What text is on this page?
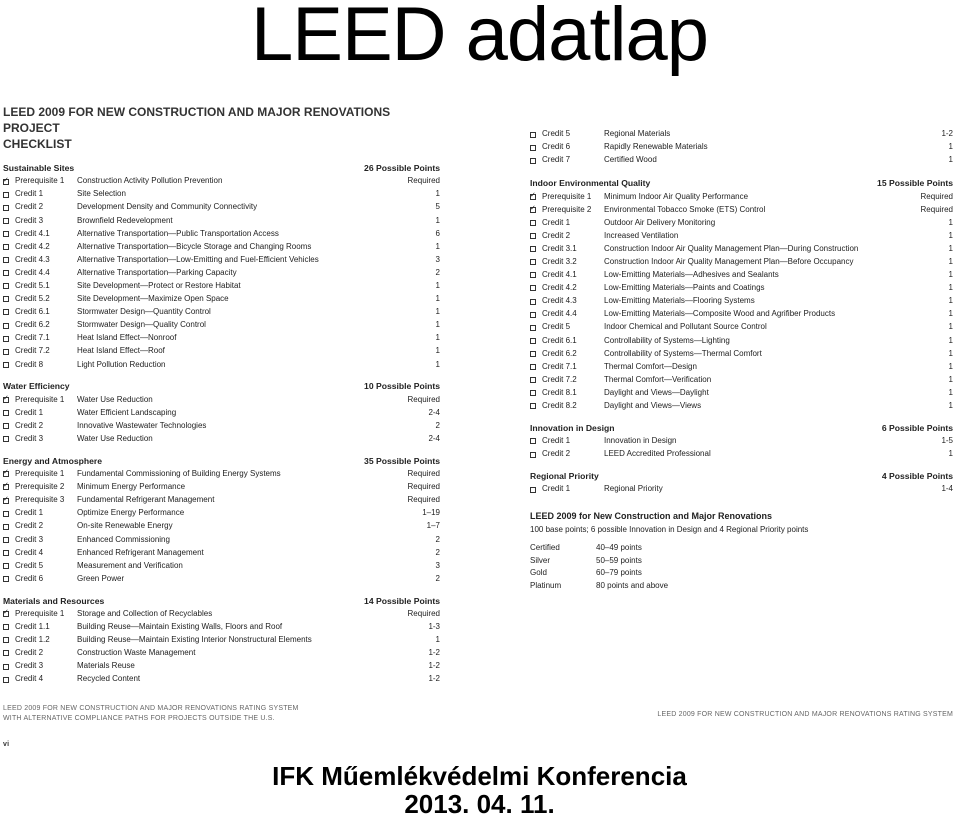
LEED adatlap
LEED 2009 FOR NEW CONSTRUCTION AND MAJOR RENOVATIONS PROJECT
CHECKLIST
Sustainable Sites	26 Possible Points
✓
Prerequisite 1	Construction Activity Pollution Prevention	Required
Credit 1	Site Selection	1
Credit 2	Development Density and Community Connectivity	5
Credit 3	Brownfield Redevelopment	1
Credit 4.1	Alternative Transportation—Public Transportation Access	6
Credit 4.2	Alternative Transportation—Bicycle Storage and Changing Rooms	1
Credit 4.3	Alternative Transportation—Low-Emitting and Fuel-Efficient Vehicles	3
Credit 4.4	Alternative Transportation—Parking Capacity	2
Credit 5.1	Site Development—Protect or Restore Habitat	1
Credit 5.2	Site Development—Maximize Open Space	1
Credit 6.1	Stormwater Design—Quantity Control	1
Credit 6.2	Stormwater Design—Quality Control	1
Credit 7.1	Heat Island Effect—Nonroof	1
Credit 7.2	Heat Island Effect—Roof	1
Credit 8	Light Pollution Reduction	1
Water Efficiency	10 Possible Points
✓
Prerequisite 1	Water Use Reduction	Required
Credit 1	Water Efficient Landscaping	2-4
Credit 2	Innovative Wastewater Technologies	2
Credit 3	Water Use Reduction	2-4
Energy and Atmosphere	35 Possible Points
✓
Prerequisite 1	Fundamental Commissioning of Building Energy Systems	Required
✓
Prerequisite 2	Minimum Energy Performance	Required
✓
Prerequisite 3	Fundamental Refrigerant Management	Required
Credit 1	Optimize Energy Performance	1–19
Credit 2	On-site Renewable Energy	1–7
Credit 3	Enhanced Commissioning	2
Credit 4	Enhanced Refrigerant Management	2
Credit 5	Measurement and Verification	3
Credit 6	Green Power	2
Materials and Resources	14 Possible Points
✓
Prerequisite 1	Storage and Collection of Recyclables	Required
Credit 1.1	Building Reuse—Maintain Existing Walls, Floors and Roof	1-3
Credit 1.2	Building Reuse—Maintain Existing Interior Nonstructural Elements	1
Credit 2	Construction Waste Management	1-2
Credit 3	Materials Reuse	1-2
Credit 4	Recycled Content	1-2
Credit 5	Regional Materials	1-2
Credit 6	Rapidly Renewable Materials	1
Credit 7	Certified Wood	1
Indoor Environmental Quality	15 Possible Points
✓
Prerequisite 1	Minimum Indoor Air Quality Performance	Required
✓
Prerequisite 2	Environmental Tobacco Smoke (ETS) Control	Required
Credit 1	Outdoor Air Delivery Monitoring	1
Credit 2	Increased Ventilation	1
Credit 3.1	Construction Indoor Air Quality Management Plan—During Construction	1
Credit 3.2	Construction Indoor Air Quality Management Plan—Before Occupancy	1
Credit 4.1	Low-Emitting Materials—Adhesives and Sealants	1
Credit 4.2	Low-Emitting Materials—Paints and Coatings	1
Credit 4.3	Low-Emitting Materials—Flooring Systems	1
Credit 4.4	Low-Emitting Materials—Composite Wood and Agrifiber Products	1
Credit 5	Indoor Chemical and Pollutant Source Control	1
Credit 6.1	Controllability of Systems—Lighting	1
Credit 6.2	Controllability of Systems—Thermal Comfort	1
Credit 7.1	Thermal Comfort—Design	1
Credit 7.2	Thermal Comfort—Verification	1
Credit 8.1	Daylight and Views—Daylight	1
Credit 8.2	Daylight and Views—Views	1
Innovation in Design	6 Possible Points
Credit 1	Innovation in Design	1-5
Credit 2	LEED Accredited Professional	1
Regional Priority	4 Possible Points
Credit 1	Regional Priority	1-4
LEED 2009 for New Construction and Major Renovations
100 base points; 6 possible Innovation in Design and 4 Regional Priority points
Certified	40–49 points
Silver	50–59 points
Gold	60–79 points
Platinum	80 points and above
LEED 2009 FOR NEW CONSTRUCTION AND MAJOR RENOVATIONS RATING SYSTEM
WITH ALTERNATIVE COMPLIANCE PATHS FOR PROJECTS OUTSIDE THE U.S.
LEED 2009 FOR NEW CONSTRUCTION AND MAJOR RENOVATIONS RATING SYSTEM
vi
IFK Műemlékvédelmi Konferencia
2013. 04. 11.
